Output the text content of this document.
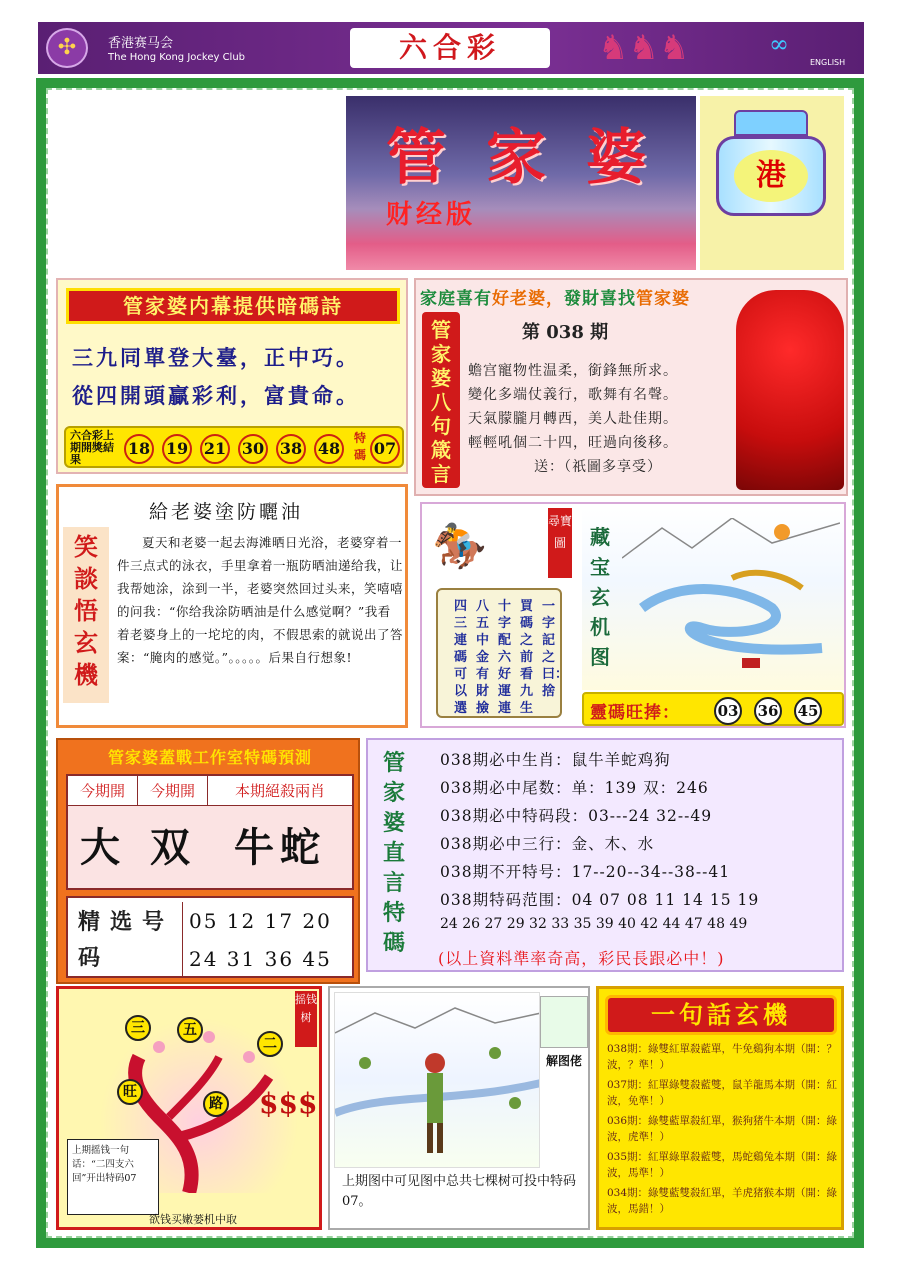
✣	香港赛马会
The Hong Kong Jockey Club	六合彩	♞♞♞	∞
ENGLISH
管家婆
财经版
港
管家婆内幕提供暗碼詩
三九同單登大臺，正中巧。
從四開頭贏彩利，富貴命。
六合彩上期開獎結果
18 19 21 30 38 48
特碼 07
家庭喜有好老婆，發財喜找管家婆
管家婆八句箴言
第 038 期
蟾宫寵物性温柔，銜鋒無所求。
變化多端仗義行，歌舞有名聲。
天氣朦朧月轉西，美人赴佳期。
輕輕吼個二十四，旺過向後移。
送：（祇圖多享受）
笑談悟玄機
給老婆塗防曬油
夏天和老婆一起去海滩晒日光浴，老婆穿着一件三点式的泳衣，手里拿着一瓶防晒油递给我，让我帮她涂，涂到一半，老婆突然回过头来，笑嘻嘻的问我：“你给我涂防晒油是什么感觉啊？”我看着老婆身上的一坨坨的肉，不假思索的就说出了答案：“腌肉的感觉。”。。。。。后果自行想象!
🏇	尋寶圖
一字記之曰：捨
買碼之前看九生
十字配六好運連
八五中金有財撿
四三連碼可以選
藏宝玄机图
靈碼旺捧：	03 36 45
管家婆蓋戰工作室特碼預測
今期開	今期開	本期絕殺兩肖
大 双 牛蛇
精选号码
05 12 17 20
24 31 36 45
管家婆直言特碼
038期必中生肖：鼠牛羊蛇鸡狗
038期必中尾数：单：139 双：246
038期必中特码段：03---24 32--49
038期必中三行：金、木、水
038期不开特号：17--20--34--38--41
038期特码范围：04 07 08 11 14 15 19
24 26 27 29 32 33 35 39 40 42 44 47 48 49
(以上資料準率奇高，彩民長跟必中！)
三	五
二
旺
路
摇钱树
$$$
上期摇钱一句话：“二四支六回”开出特码07
欲钱买嫩蒌机中取
解图佬
上期图中可见图中总共七棵树可投中特码07。
一句話玄機
038期：綠雙紅單殺藍單，牛免鷄狗本期（開：？波，？準！）
037期：紅單綠雙殺藍雙，鼠羊龍馬本期（開：紅波，免準！）
036期：綠雙藍單殺紅單，猴狗猪牛本期（開：綠波，虎準！）
035期：紅單綠單殺藍雙，馬蛇鷄兔本期（開：綠波，馬準！）
034期：綠雙藍雙殺紅單，羊虎猪猴本期（開：綠波，馬錯！）
